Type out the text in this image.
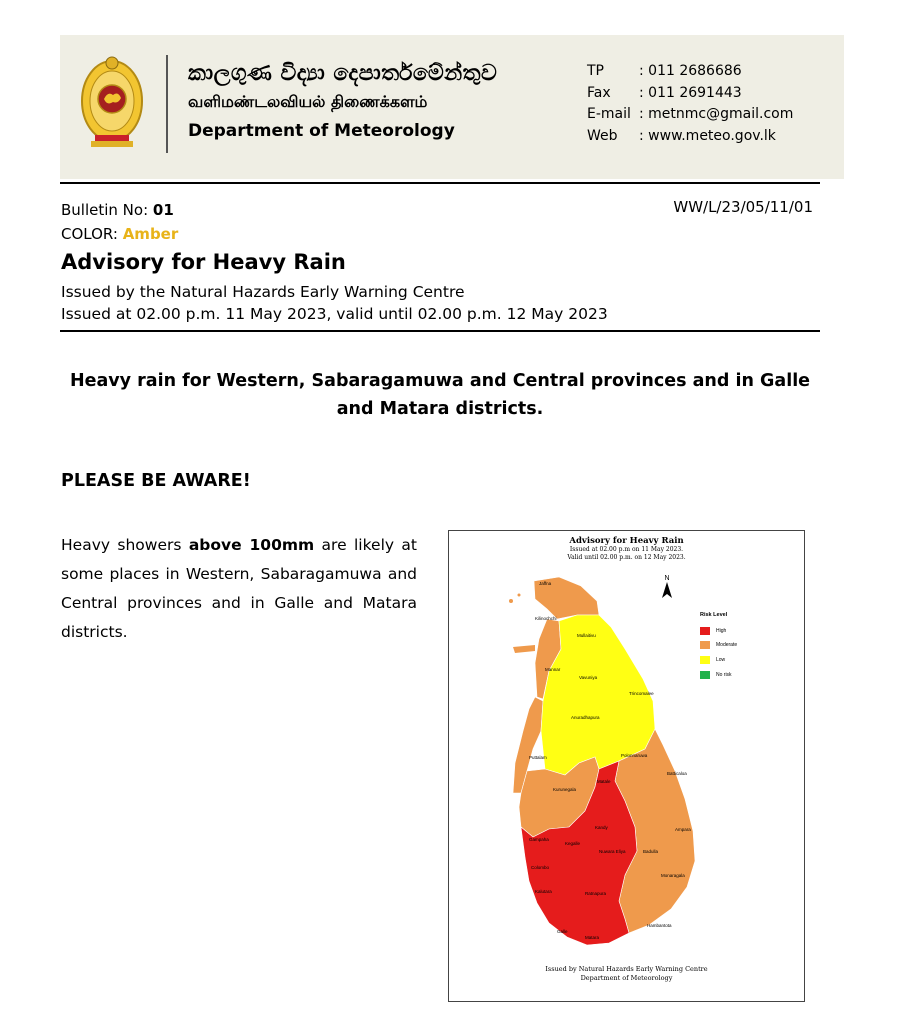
කාලගුණ විද්‍යා දෙපාර්තමේන්තුව
வளிமண்டலவியல் திணைக்களம்
Department of Meteorology
TP	: 011 2686686
Fax	: 011 2691443
E-mail : metnmc@gmail.com
Web	: www.meteo.gov.lk
Bulletin No: 01
COLOR: Amber
WW/L/23/05/11/01
Advisory for Heavy Rain
Issued by the Natural Hazards Early Warning Centre
Issued at 02.00 p.m. 11 May 2023, valid until 02.00 p.m. 12 May 2023
Heavy rain for Western, Sabaragamuwa and Central provinces and in Galle and Matara districts.
PLEASE BE AWARE!
Heavy showers above 100mm are likely at some places in Western, Sabaragamuwa and Central provinces and in Galle and Matara districts.
Advisory for Heavy Rain
Issued at 02.00 p.m on 11 May 2023.
Valid until 02.00 p.m. on 12 May 2023.
Jaffna
Kilinochchi
Mullaitivu
Mannar
Vavuniya
Trincomalee
Anuradhapura
Puttalam	Polonnaruwa
Batticaloa
Matale
Kurunegala
Kandy	Ampara
Gampaha
Kegalle
Badulla
Nuwara Eliya
Colombo
Monaragala
Kalutara	Ratnapura
Hambantota
Galle
Matara
N
Risk Level
High
Moderate
Low
No risk
Issued by Natural Hazards Early Warning Centre
Department of Meteorology
